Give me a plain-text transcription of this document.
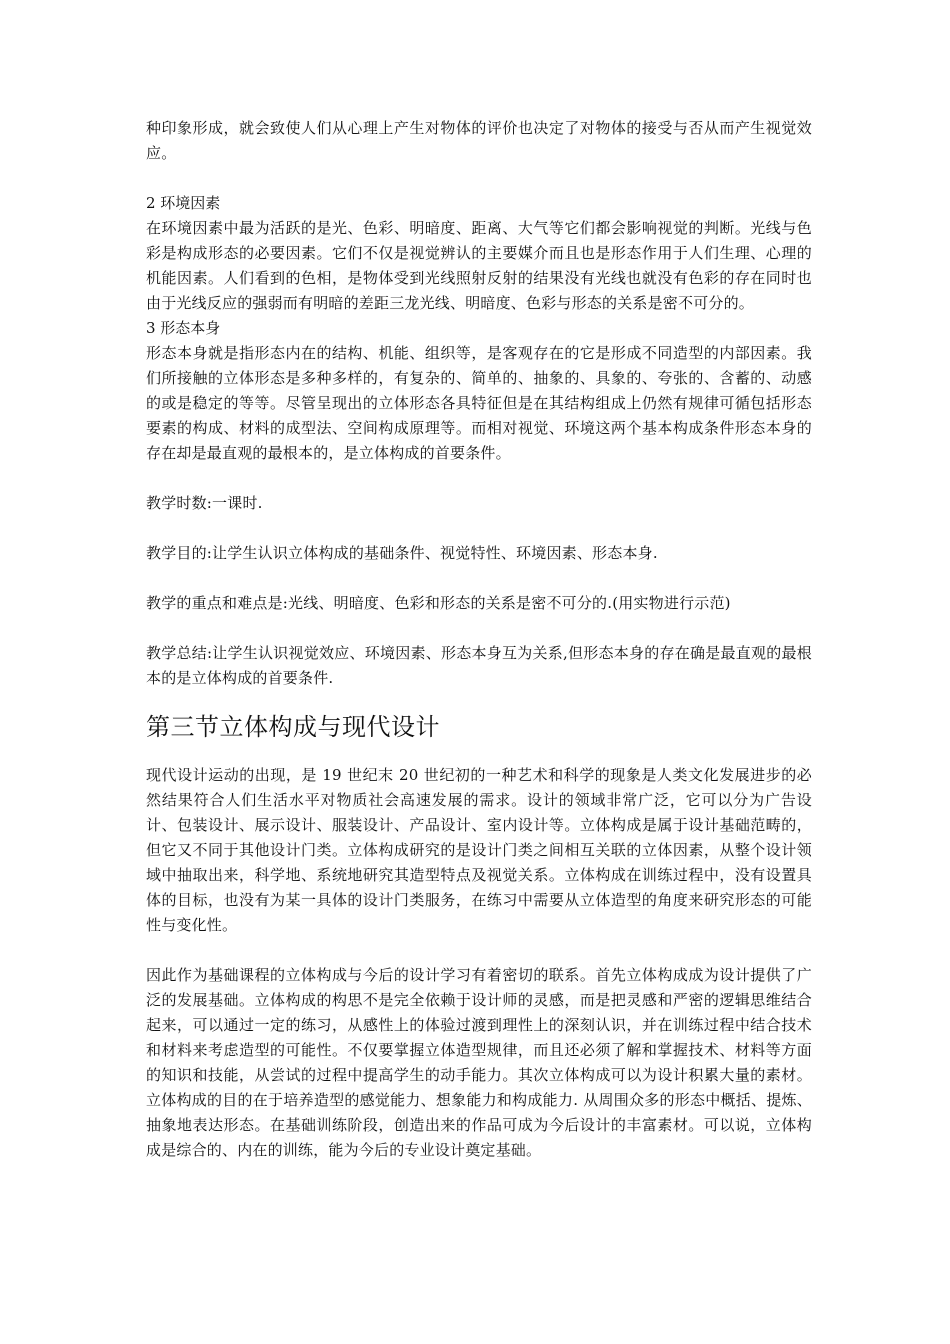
种印象形成，就会致使人们从心理上产生对物体的评价也决定了对物体的接受与否从而产生视觉效应。

2 环境因素

在环境因素中最为活跃的是光、色彩、明暗度、距离、大气等它们都会影响视觉的判断。光线与色彩是构成形态的必要因素。它们不仅是视觉辨认的主要媒介而且也是形态作用于人们生理、心理的机能因素。人们看到的色相，是物体受到光线照射反射的结果没有光线也就没有色彩的存在同时也由于光线反应的强弱而有明暗的差距三龙光线、明暗度、色彩与形态的关系是密不可分的。

3 形态本身

形态本身就是指形态内在的结构、机能、组织等，是客观存在的它是形成不同造型的内部因素。我们所接触的立体形态是多种多样的，有复杂的、简单的、抽象的、具象的、夸张的、含蓄的、动感的或是稳定的等等。尽管呈现出的立体形态各具特征但是在其结构组成上仍然有规律可循包括形态要素的构成、材料的成型法、空间构成原理等。而相对视觉、环境这两个基本构成条件形态本身的存在却是最直观的最根本的，是立体构成的首要条件。

教学时数:一课时.

教学目的:让学生认识立体构成的基础条件、视觉特性、环境因素、形态本身.

教学的重点和难点是:光线、明暗度、色彩和形态的关系是密不可分的.(用实物进行示范)

教学总结:让学生认识视觉效应、环境因素、形态本身互为关系,但形态本身的存在确是最直观的最根本的是立体构成的首要条件.

第三节立体构成与现代设计

现代设计运动的出现，是 19 世纪末 20 世纪初的一种艺术和科学的现象是人类文化发展进步的必然结果符合人们生活水平对物质社会高速发展的需求。设计的领域非常广泛，它可以分为广告设计、包装设计、展示设计、服装设计、产品设计、室内设计等。立体构成是属于设计基础范畴的，但它又不同于其他设计门类。立体构成研究的是设计门类之间相互关联的立体因素，从整个设计领域中抽取出来，科学地、系统地研究其造型特点及视觉关系。立体构成在训练过程中，没有设置具体的目标，也没有为某一具体的设计门类服务，在练习中需要从立体造型的角度来研究形态的可能性与变化性。

因此作为基础课程的立体构成与今后的设计学习有着密切的联系。首先立体构成成为设计提供了广泛的发展基础。立体构成的构思不是完全依赖于设计师的灵感，而是把灵感和严密的逻辑思维结合起来，可以通过一定的练习，从感性上的体验过渡到理性上的深刻认识，并在训练过程中结合技术和材料来考虑造型的可能性。不仅要掌握立体造型规律，而且还必须了解和掌握技术、材料等方面的知识和技能，从尝试的过程中提高学生的动手能力。其次立体构成可以为设计积累大量的素材。立体构成的目的在于培养造型的感觉能力、想象能力和构成能力. 从周围众多的形态中概括、提炼、抽象地表达形态。在基础训练阶段，创造出来的作品可成为今后设计的丰富素材。可以说，立体构成是综合的、内在的训练，能为今后的专业设计奠定基础。
